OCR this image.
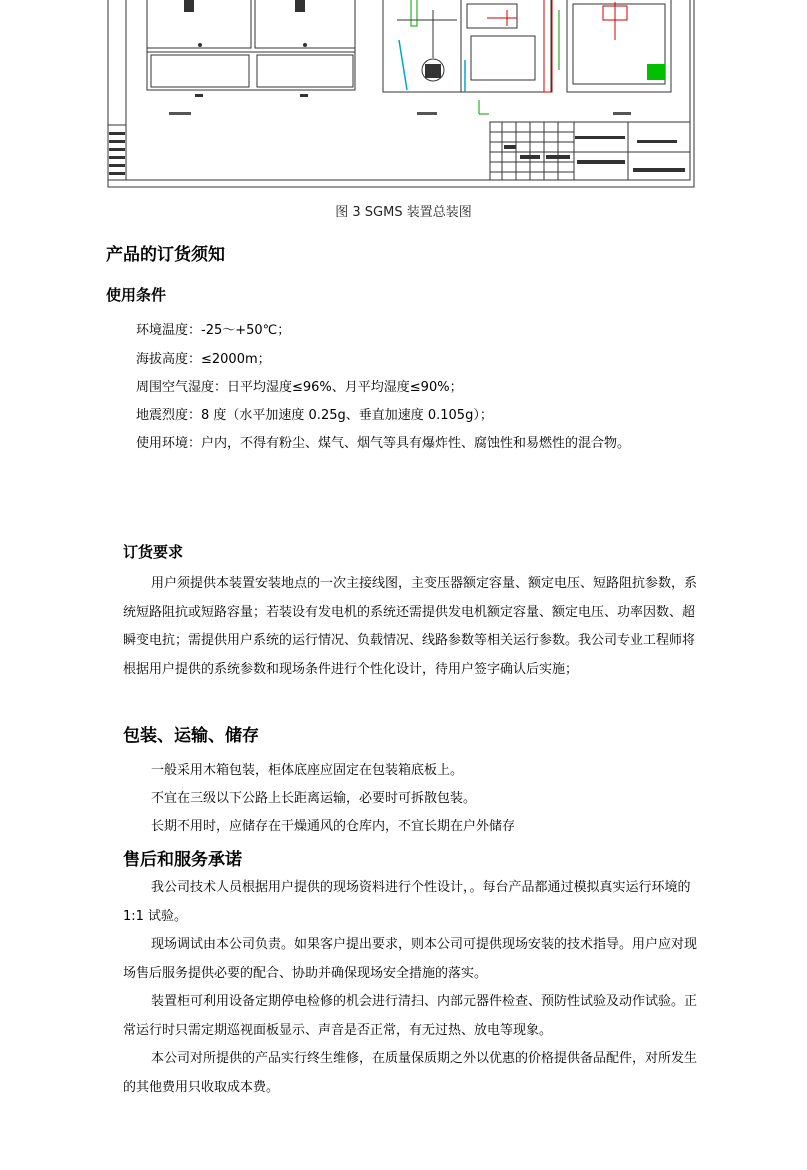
图 3 SGMS 装置总装图
产品的订货须知
使用条件
环境温度：-25～+50℃；
海拔高度：≤2000m；
周围空气湿度：日平均湿度≤96%、月平均湿度≤90%；
地震烈度：8 度（水平加速度 0.25g、垂直加速度 0.105g）；
使用环境：户内，不得有粉尘、煤气、烟气等具有爆炸性、腐蚀性和易燃性的混合物。
订货要求

用户须提供本装置安装地点的一次主接线图，主变压器额定容量、额定电压、短路阻抗参数，系统短路阻抗或短路容量；若装设有发电机的系统还需提供发电机额定容量、额定电压、功率因数、超瞬变电抗；需提供用户系统的运行情况、负载情况、线路参数等相关运行参数。我公司专业工程师将根据用户提供的系统参数和现场条件进行个性化设计，待用户签字确认后实施；

包装、运输、储存
一般采用木箱包装，柜体底座应固定在包装箱底板上。
不宜在三级以下公路上长距离运输，必要时可拆散包装。
长期不用时，应储存在干燥通风的仓库内，不宜长期在户外储存
售后和服务承诺

我公司技术人员根据用户提供的现场资料进行个性设计，。每台产品都通过模拟真实运行环境的 1:1 试验。

现场调试由本公司负责。如果客户提出要求，则本公司可提供现场安装的技术指导。用户应对现场售后服务提供必要的配合、协助并确保现场安全措施的落实。

装置柜可利用设备定期停电检修的机会进行清扫、内部元器件检查、预防性试验及动作试验。正常运行时只需定期巡视面板显示、声音是否正常，有无过热、放电等现象。

本公司对所提供的产品实行终生维修，在质量保质期之外以优惠的价格提供备品配件，对所发生的其他费用只收取成本费。
